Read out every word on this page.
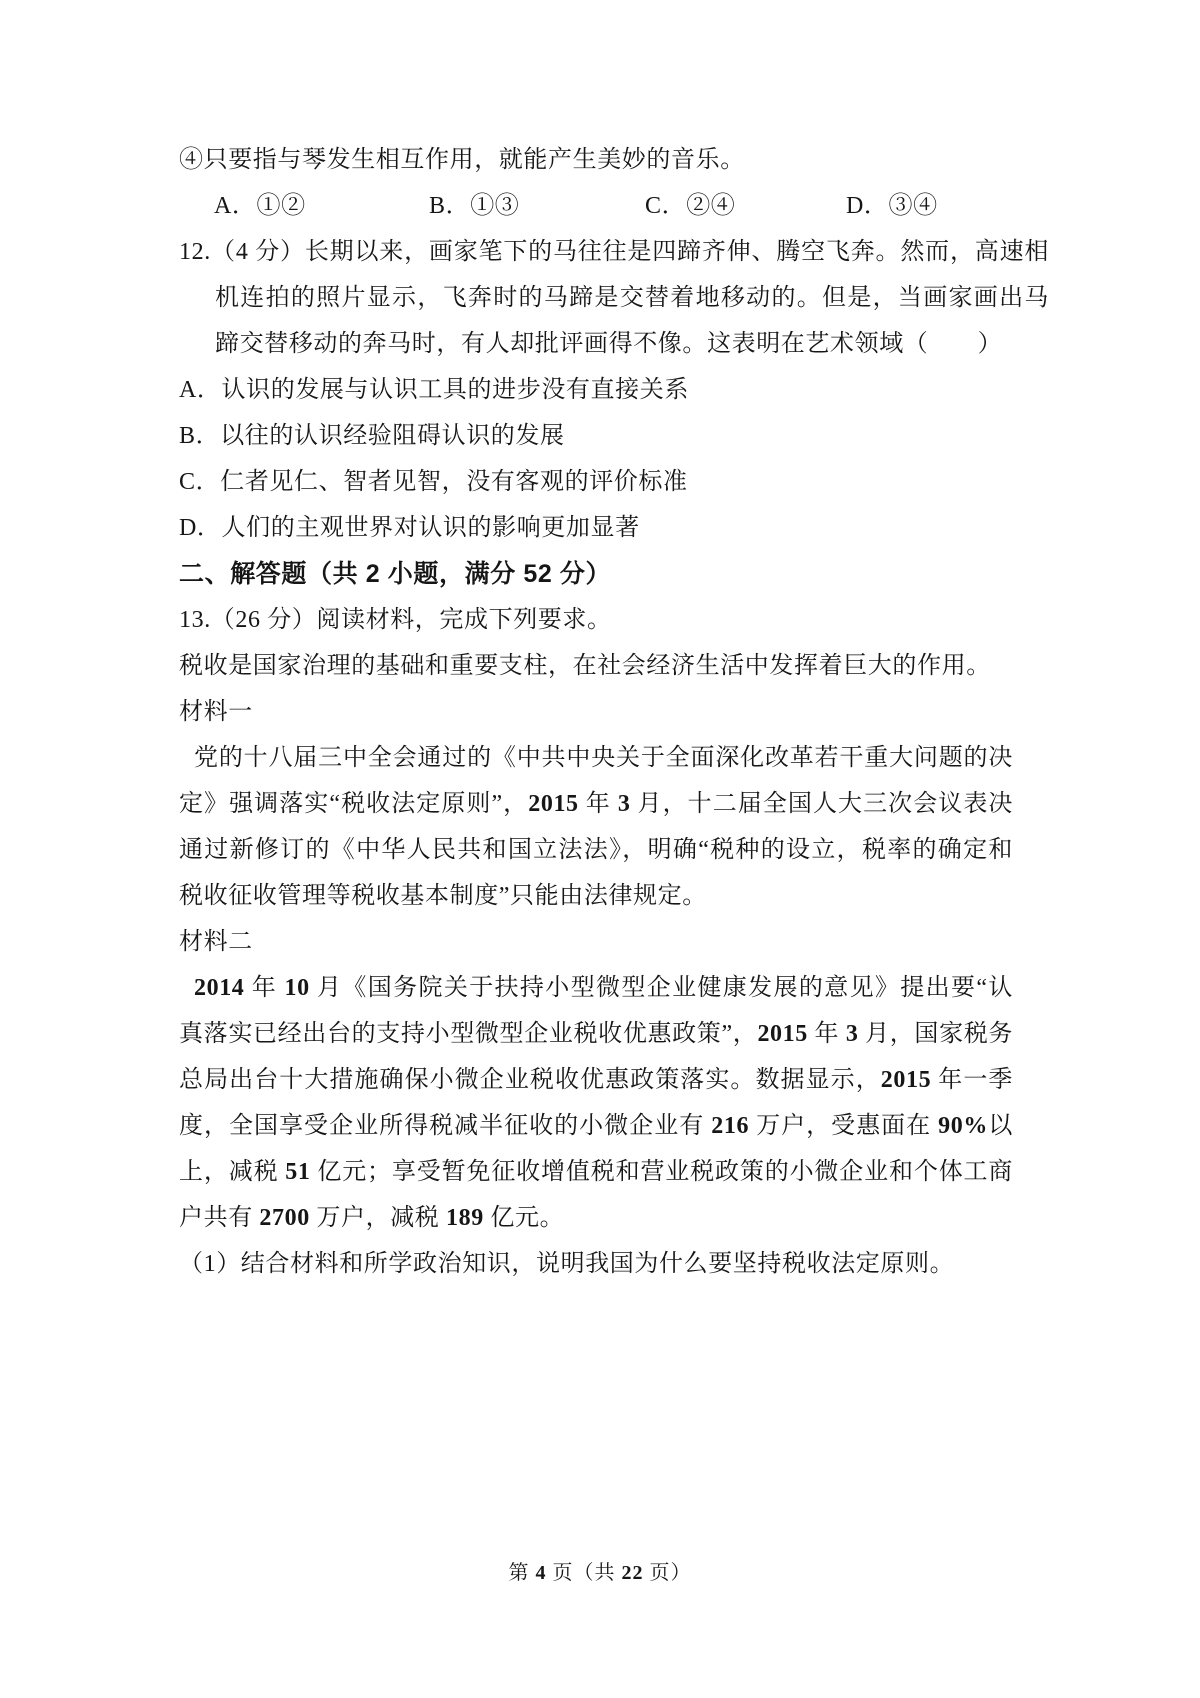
④只要指与琴发生相互作用，就能产生美妙的音乐。

A．①②	B．①③	C．②④	D．③④

12.（4 分）长期以来，画家笔下的马往往是四蹄齐伸、腾空飞奔。然而，高速相机连拍的照片显示，飞奔时的马蹄是交替着地移动的。但是，当画家画出马蹄交替移动的奔马时，有人却批评画得不像。这表明在艺术领域（　　）

A．认识的发展与认识工具的进步没有直接关系

B．以往的认识经验阻碍认识的发展

C．仁者见仁、智者见智，没有客观的评价标准

D．人们的主观世界对认识的影响更加显著

二、解答题（共 2 小题，满分 52 分）

13.（26 分）阅读材料，完成下列要求。

税收是国家治理的基础和重要支柱，在社会经济生活中发挥着巨大的作用。

材料一

党的十八届三中全会通过的《中共中央关于全面深化改革若干重大问题的决定》强调落实“税收法定原则”，2015 年 3 月，十二届全国人大三次会议表决通过新修订的《中华人民共和国立法法》，明确“税种的设立，税率的确定和税收征收管理等税收基本制度”只能由法律规定。

材料二

2014 年 10 月《国务院关于扶持小型微型企业健康发展的意见》提出要“认真落实已经出台的支持小型微型企业税收优惠政策”，2015 年 3 月，国家税务总局出台十大措施确保小微企业税收优惠政策落实。数据显示，2015 年一季度，全国享受企业所得税减半征收的小微企业有 216 万户，受惠面在 90%以上，减税 51 亿元；享受暂免征收增值税和营业税政策的小微企业和个体工商户共有 2700 万户，减税 189 亿元。

（1）结合材料和所学政治知识，说明我国为什么要坚持税收法定原则。

第 4 页（共 22 页）
